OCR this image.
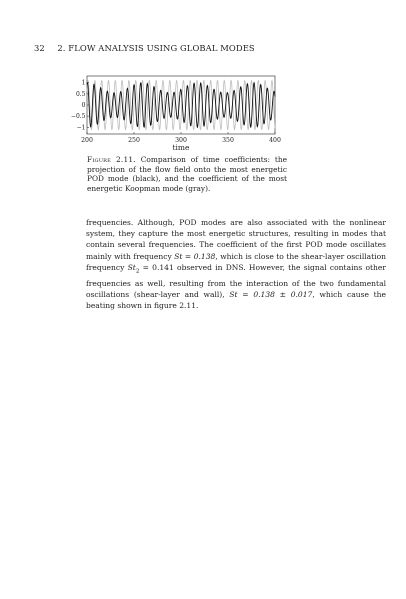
32 2. FLOW ANALYSIS USING GLOBAL MODES
200	250	300	350	400
1
0.5
0
−0.5
−1
time
Figure 2.11. Comparison of time coefficients: the projection of the flow field onto the most energetic POD mode (black), and the coefficient of the most energetic Koopman mode (gray).

frequencies. Although, POD modes are also associated with the nonlinear system, they capture the most energetic structures, resulting in modes that contain several frequencies. The coefficient of the first POD mode oscillates mainly with frequency St = 0.138, which is close to the shear-layer oscillation frequency $St_2 = 0.141$ observed in DNS. However, the signal contains other frequencies as well, resulting from the interaction of the two fundamental oscillations (shear-layer and wall), St = 0.138 ± 0.017, which cause the beating shown in figure 2.11.
